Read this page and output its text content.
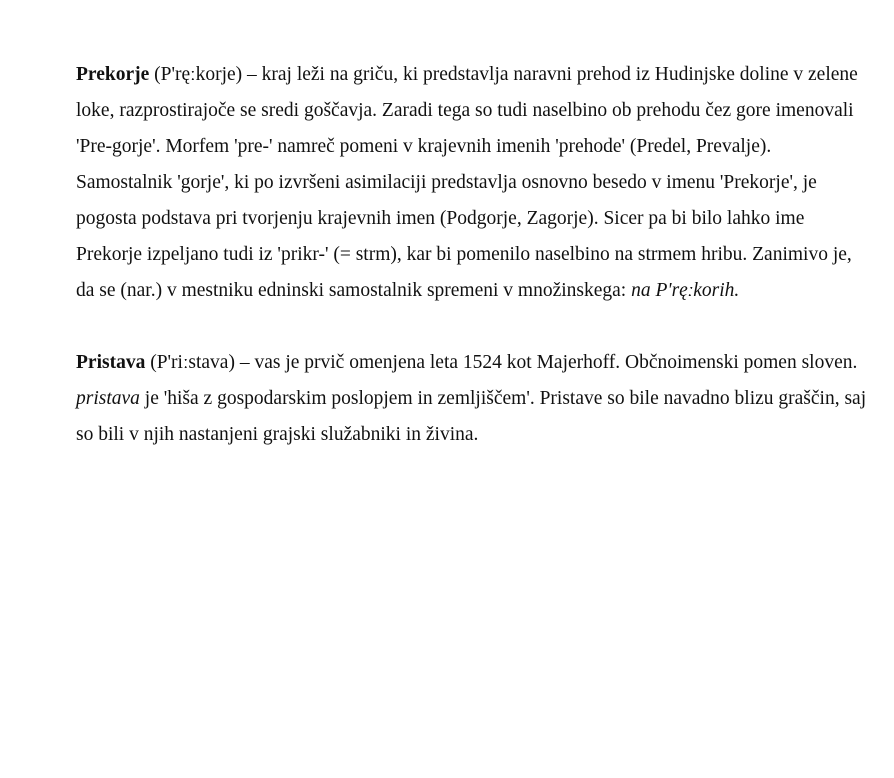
Prekorje (P'ręːkorje) – kraj leži na griču, ki predstavlja naravni prehod iz Hudinjske doline v zelene loke, razprostirajoče se sredi goščavja. Zaradi tega so tudi naselbino ob prehodu čez gore imenovali 'Pre-gorje'. Morfem 'pre-' namreč pomeni v krajevnih imenih 'prehode' (Predel, Prevalje). Samostalnik 'gorje', ki po izvršeni asimilaciji predstavlja osnovno besedo v imenu 'Prekorje', je pogosta podstava pri tvorjenju krajevnih imen (Podgorje, Zagorje). Sicer pa bi bilo lahko ime Prekorje izpeljano tudi iz 'prikr-' (= strm), kar bi pomenilo naselbino na strmem hribu. Zanimivo je, da se (nar.) v mestniku edninski samostalnik spremeni v množinskega: na P'ręːkorih.

Pristava (P'riːstava) – vas je prvič omenjena leta 1524 kot Majerhoff. Občnoimenski pomen sloven. pristava je 'hiša z gospodarskim poslopjem in zemljiščem'. Pristave so bile navadno blizu graščin, saj so bili v njih nastanjeni grajski služabniki in živina.
